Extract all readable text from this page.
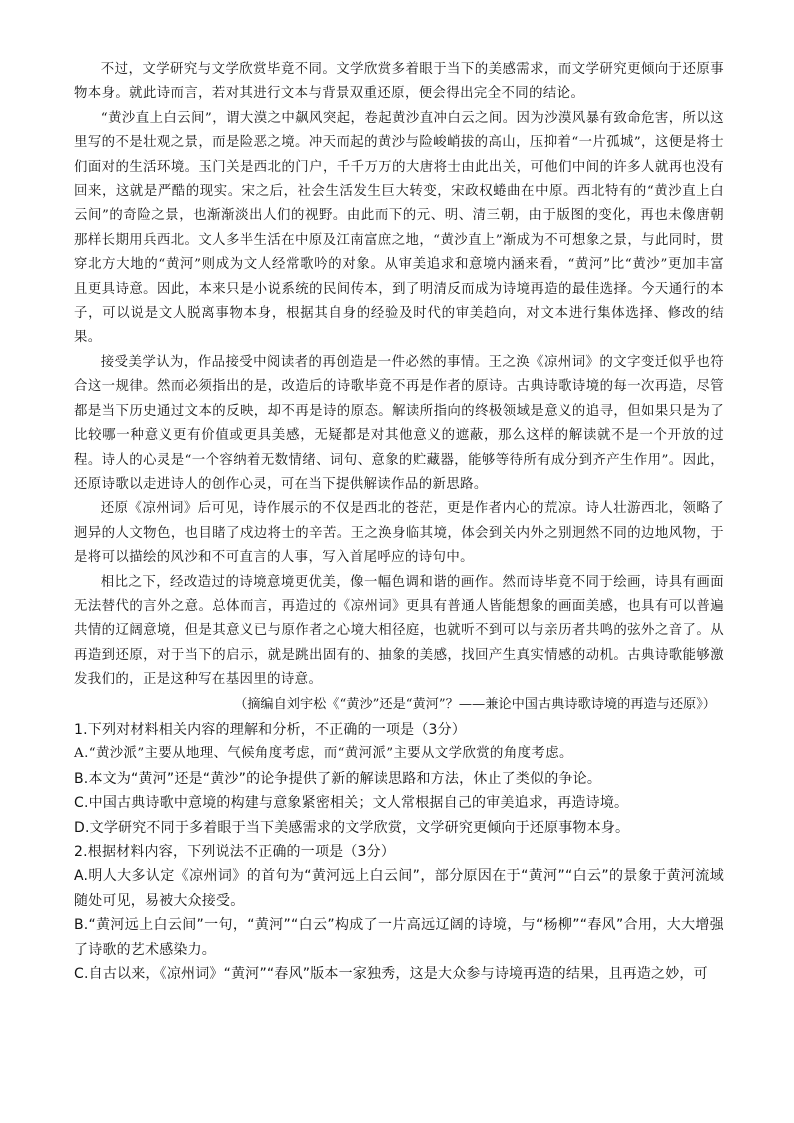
不过，文学研究与文学欣赏毕竟不同。文学欣赏多着眼于当下的美感需求，而文学研究更倾向于还原事物本身。就此诗而言，若对其进行文本与背景双重还原，便会得出完全不同的结论。

“黄沙直上白云间”，谓大漠之中飙风突起，卷起黄沙直冲白云之间。因为沙漠风暴有致命危害，所以这里写的不是壮观之景，而是险恶之境。冲天而起的黄沙与险峻峭拔的高山，压抑着“一片孤城”，这便是将士们面对的生活环境。玉门关是西北的门户，千千万万的大唐将士由此出关，可他们中间的许多人就再也没有回来，这就是严酷的现实。宋之后，社会生活发生巨大转变，宋政权蜷曲在中原。西北特有的“黄沙直上白云间”的奇险之景，也渐渐淡出人们的视野。由此而下的元、明、清三朝，由于版图的变化，再也未像唐朝那样长期用兵西北。文人多半生活在中原及江南富庶之地，“黄沙直上”渐成为不可想象之景，与此同时，贯穿北方大地的“黄河”则成为文人经常歌吟的对象。从审美追求和意境内涵来看，“黄河”比“黄沙”更加丰富且更具诗意。因此，本来只是小说系统的民间传本，到了明清反而成为诗境再造的最佳选择。今天通行的本子，可以说是文人脱离事物本身，根据其自身的经验及时代的审美趋向，对文本进行集体选择、修改的结果。

接受美学认为，作品接受中阅读者的再创造是一件必然的事情。王之涣《凉州词》的文字变迁似乎也符合这一规律。然而必须指出的是，改造后的诗歌毕竟不再是作者的原诗。古典诗歌诗境的每一次再造，尽管都是当下历史通过文本的反映，却不再是诗的原态。解读所指向的终极领域是意义的追寻，但如果只是为了比较哪一种意义更有价值或更具美感，无疑都是对其他意义的遮蔽，那么这样的解读就不是一个开放的过程。诗人的心灵是“一个容纳着无数情绪、词句、意象的贮藏器，能够等待所有成分到齐产生作用”。因此，还原诗歌以走进诗人的创作心灵，可在当下提供解读作品的新思路。

还原《凉州词》后可见，诗作展示的不仅是西北的苍茫，更是作者内心的荒凉。诗人壮游西北，领略了迥异的人文物色，也目睹了戍边将士的辛苦。王之涣身临其境，体会到关内外之别迥然不同的边地风物，于是将可以描绘的风沙和不可直言的人事，写入首尾呼应的诗句中。

相比之下，经改造过的诗境意境更优美，像一幅色调和谐的画作。然而诗毕竟不同于绘画，诗具有画面无法替代的言外之意。总体而言，再造过的《凉州词》更具有普通人皆能想象的画面美感，也具有可以普遍共情的辽阔意境，但是其意义已与原作者之心境大相径庭，也就听不到可以与亲历者共鸣的弦外之音了。从再造到还原，对于当下的启示，就是跳出固有的、抽象的美感，找回产生真实情感的动机。古典诗歌能够激发我们的，正是这种写在基因里的诗意。

（摘编自刘宇松《“黄沙”还是“黄河”？——兼论中国古典诗歌诗境的再造与还原》）

1.下列对材料相关内容的理解和分析，不正确的一项是（3分）

A.“黄沙派”主要从地理、气候角度考虑，而“黄河派”主要从文学欣赏的角度考虑。

B.本文为“黄河”还是“黄沙”的论争提供了新的解读思路和方法，休止了类似的争论。

C.中国古典诗歌中意境的构建与意象紧密相关；文人常根据自己的审美追求，再造诗境。

D.文学研究不同于多着眼于当下美感需求的文学欣赏，文学研究更倾向于还原事物本身。

2.根据材料内容，下列说法不正确的一项是（3分）

A.明人大多认定《凉州词》的首句为“黄河远上白云间”，部分原因在于“黄河”“白云”的景象于黄河流域随处可见，易被大众接受。

B.“黄河远上白云间”一句，“黄河”“白云”构成了一片高远辽阔的诗境，与“杨柳”“春风”合用，大大增强了诗歌的艺术感染力。

C.自古以来，《凉州词》“黄河”“春风”版本一家独秀，这是大众参与诗境再造的结果，且再造之妙，可
